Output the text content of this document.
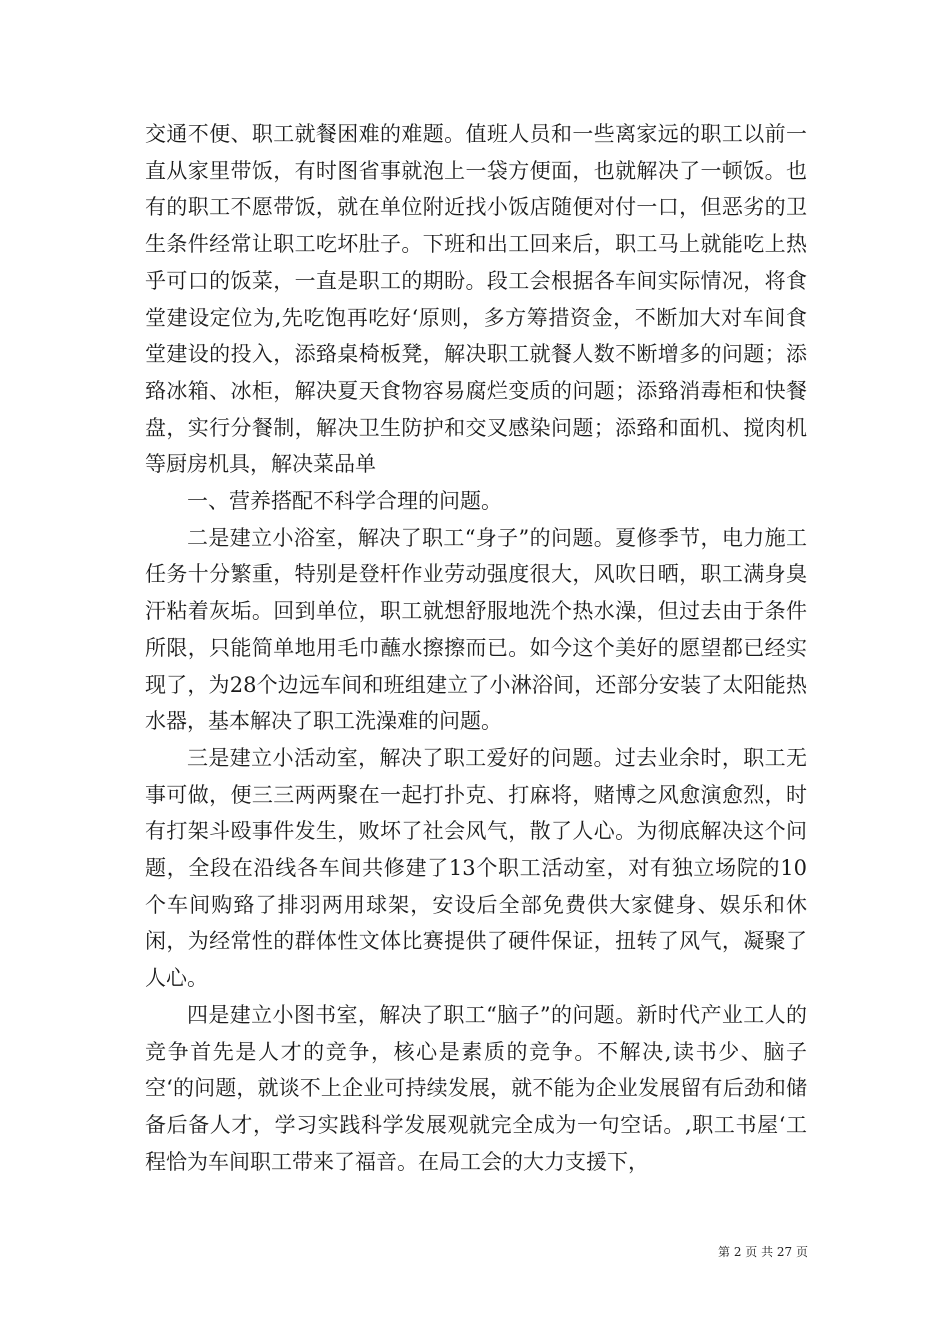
交通不便、职工就餐困难的难题。值班人员和一些离家远的职工以前一直从家里带饭，有时图省事就泡上一袋方便面，也就解决了一顿饭。也有的职工不愿带饭，就在单位附近找小饭店随便对付一口，但恶劣的卫生条件经常让职工吃坏肚子。下班和出工回来后，职工马上就能吃上热乎可口的饭菜，一直是职工的期盼。段工会根据各车间实际情况，将食堂建设定位为,先吃饱再吃好‘原则，多方筹措资金，不断加大对车间食堂建设的投入，添臵桌椅板凳，解决职工就餐人数不断增多的问题；添臵冰箱、冰柜，解决夏天食物容易腐烂变质的问题；添臵消毒柜和快餐盘，实行分餐制，解决卫生防护和交叉感染问题；添臵和面机、搅肉机等厨房机具，解决菜品单

一、营养搭配不科学合理的问题。

二是建立小浴室，解决了职工“身子”的问题。夏修季节，电力施工任务十分繁重，特别是登杆作业劳动强度很大，风吹日晒，职工满身臭汗粘着灰垢。回到单位，职工就想舒服地洗个热水澡，但过去由于条件所限，只能简单地用毛巾蘸水擦擦而已。如今这个美好的愿望都已经实现了，为28个边远车间和班组建立了小淋浴间，还部分安装了太阳能热水器，基本解决了职工洗澡难的问题。

三是建立小活动室，解决了职工爱好的问题。过去业余时，职工无事可做，便三三两两聚在一起打扑克、打麻将，赌博之风愈演愈烈，时有打架斗殴事件发生，败坏了社会风气，散了人心。为彻底解决这个问题，全段在沿线各车间共修建了13个职工活动室，对有独立场院的10个车间购臵了排羽两用球架，安设后全部免费供大家健身、娱乐和休闲，为经常性的群体性文体比赛提供了硬件保证，扭转了风气，凝聚了人心。

四是建立小图书室，解决了职工“脑子”的问题。新时代产业工人的竞争首先是人才的竞争，核心是素质的竞争。不解决,读书少、脑子空‘的问题，就谈不上企业可持续发展，就不能为企业发展留有后劲和储备后备人才，学习实践科学发展观就完全成为一句空话。,职工书屋‘工程恰为车间职工带来了福音。在局工会的大力支援下，

第 2 页 共 27 页
